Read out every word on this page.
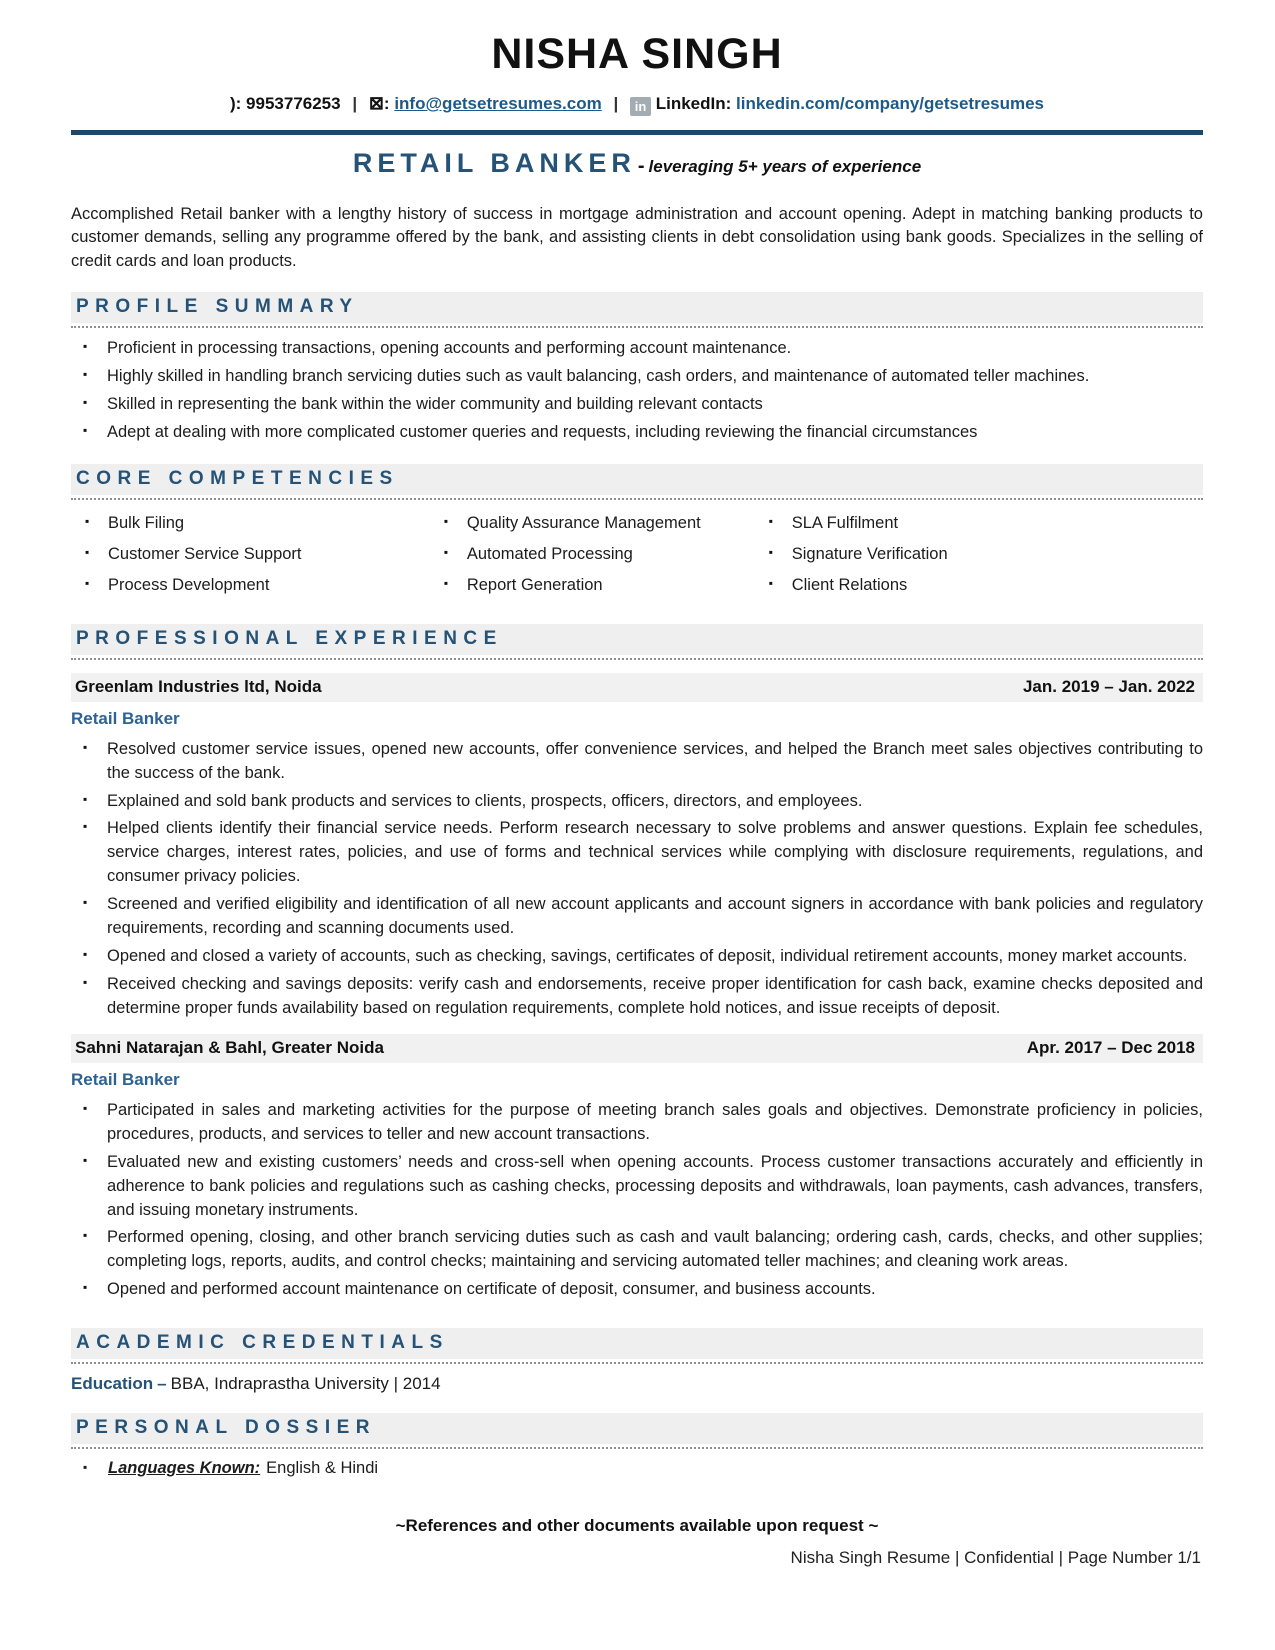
NISHA SINGH
): 9953776253 | ⊠: info@getsetresumes.com | in LinkedIn: linkedin.com/company/getsetresumes
RETAIL BANKER - leveraging 5+ years of experience

Accomplished Retail banker with a lengthy history of success in mortgage administration and account opening. Adept in matching banking products to customer demands, selling any programme offered by the bank, and assisting clients in debt consolidation using bank goods. Specializes in the selling of credit cards and loan products.

PROFILE SUMMARY
▪ Proficient in processing transactions, opening accounts and performing account maintenance.
▪ Highly skilled in handling branch servicing duties such as vault balancing, cash orders, and maintenance of automated teller machines.
▪ Skilled in representing the bank within the wider community and building relevant contacts
▪ Adept at dealing with more complicated customer queries and requests, including reviewing the financial circumstances
CORE COMPETENCIES
▪ Bulk Filing
▪ Customer Service Support
▪ Process Development
▪ Quality Assurance Management
▪ Automated Processing
▪ Report Generation
▪ SLA Fulfilment
▪ Signature Verification
▪ Client Relations
PROFESSIONAL EXPERIENCE
Greenlam Industries ltd, Noida	Jan. 2019 – Jan. 2022
Retail Banker
▪ Resolved customer service issues, opened new accounts, offer convenience services, and helped the Branch meet sales objectives contributing to the success of the bank.
▪ Explained and sold bank products and services to clients, prospects, officers, directors, and employees.
▪ Helped clients identify their financial service needs. Perform research necessary to solve problems and answer questions. Explain fee schedules, service charges, interest rates, policies, and use of forms and technical services while complying with disclosure requirements, regulations, and consumer privacy policies.
▪ Screened and verified eligibility and identification of all new account applicants and account signers in accordance with bank policies and regulatory requirements, recording and scanning documents used.
▪ Opened and closed a variety of accounts, such as checking, savings, certificates of deposit, individual retirement accounts, money market accounts.
▪ Received checking and savings deposits: verify cash and endorsements, receive proper identification for cash back, examine checks deposited and determine proper funds availability based on regulation requirements, complete hold notices, and issue receipts of deposit.
Sahni Natarajan & Bahl, Greater Noida	Apr. 2017 – Dec 2018
Retail Banker
▪ Participated in sales and marketing activities for the purpose of meeting branch sales goals and objectives. Demonstrate proficiency in policies, procedures, products, and services to teller and new account transactions.
▪ Evaluated new and existing customers’ needs and cross-sell when opening accounts. Process customer transactions accurately and efficiently in adherence to bank policies and regulations such as cashing checks, processing deposits and withdrawals, loan payments, cash advances, transfers, and issuing monetary instruments.
▪ Performed opening, closing, and other branch servicing duties such as cash and vault balancing; ordering cash, cards, checks, and other supplies; completing logs, reports, audits, and control checks; maintaining and servicing automated teller machines; and cleaning work areas.
▪ Opened and performed account maintenance on certificate of deposit, consumer, and business accounts.
ACADEMIC CREDENTIALS
Education – BBA, Indraprastha University | 2014
PERSONAL DOSSIER
▪ Languages Known: English & Hindi
~References and other documents available upon request ~
Nisha Singh Resume | Confidential | Page Number 1/1
